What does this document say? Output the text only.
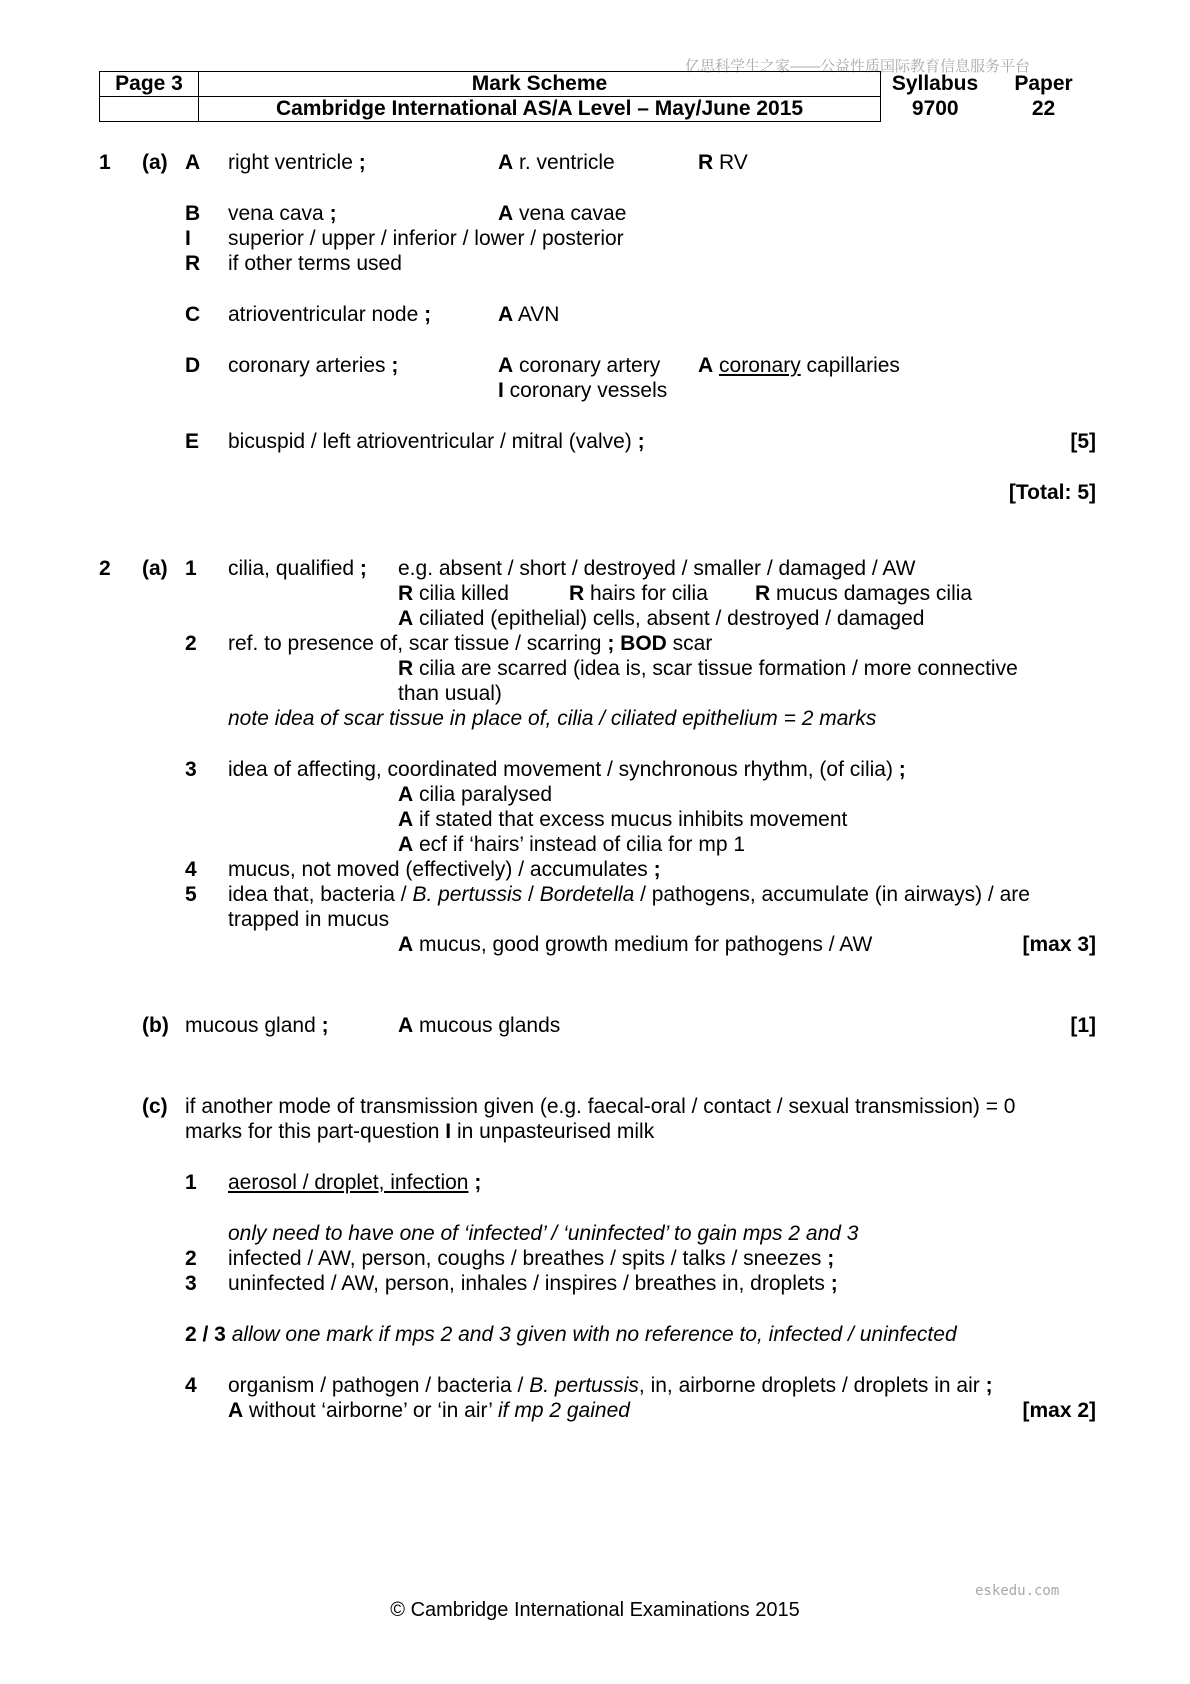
亿思科学生之家——公益性质国际教育信息服务平台
eskedu.com
Page 3	Mark Scheme	Syllabus	Paper
	Cambridge International AS/A Level – May/June 2015	9700	22
1 (a) A right ventricle ;	A r. ventricle	R RV
B vena cava ;	A vena cavae
I superior / upper / inferior / lower / posterior
R if other terms used
C atrioventricular node ;	A AVN
D coronary arteries ;	A coronary artery A coronary capillaries
I coronary vessels
E bicuspid / left atrioventricular / mitral (valve) ;	[5]
[Total: 5]
2 (a) 1 cilia, qualified ; e.g. absent / short / destroyed / smaller / damaged / AW
R cilia killed	R hairs for cilia R mucus damages cilia
A ciliated (epithelial) cells, absent / destroyed / damaged
2 ref. to presence of, scar tissue / scarring ; BOD scar
R cilia are scarred (idea is, scar tissue formation / more connective
than usual)
note idea of scar tissue in place of, cilia / ciliated epithelium = 2 marks
3 idea of affecting, coordinated movement / synchronous rhythm, (of cilia) ;
A cilia paralysed
A if stated that excess mucus inhibits movement
A ecf if ‘hairs’ instead of cilia for mp 1
4 mucus, not moved (effectively) / accumulates ;
5 idea that, bacteria / B. pertussis / Bordetella / pathogens, accumulate (in airways) / are
trapped in mucus
A mucus, good growth medium for pathogens / AW	[max 3]
(b) mucous gland ;	A mucous glands	[1]
(c) if another mode of transmission given (e.g. faecal-oral / contact / sexual transmission) = 0
marks for this part-question I in unpasteurised milk
1 aerosol / droplet, infection ;
only need to have one of ‘infected’ / ‘uninfected’ to gain mps 2 and 3
2 infected / AW, person, coughs / breathes / spits / talks / sneezes ;
3 uninfected / AW, person, inhales / inspires / breathes in, droplets ;
2 / 3 allow one mark if mps 2 and 3 given with no reference to, infected / uninfected
4 organism / pathogen / bacteria / B. pertussis, in, airborne droplets / droplets in air ;
A without ‘airborne’ or ‘in air’ if mp 2 gained	[max 2]
© Cambridge International Examinations 2015
